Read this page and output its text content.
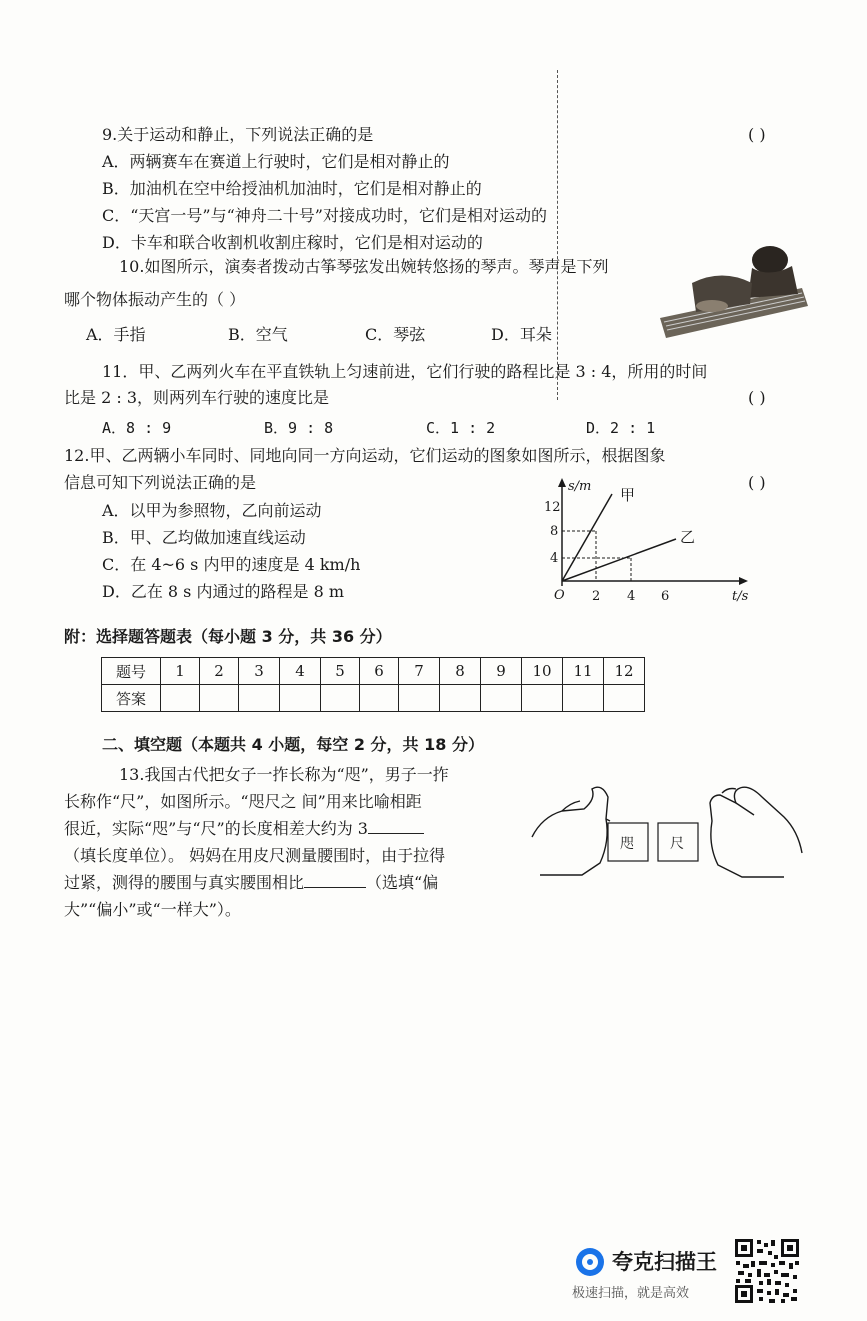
9.关于运动和静止，下列说法正确的是	( )
A．两辆赛车在赛道上行驶时，它们是相对静止的
B．加油机在空中给授油机加油时，它们是相对静止的
C．“天宫一号”与“神舟二十号”对接成功时，它们是相对运动的
D．卡车和联合收割机收割庄稼时，它们是相对运动的
10.如图所示，演奏者拨动古筝琴弦发出婉转悠扬的琴声。琴声是下列
哪个物体振动产生的（ ）
A．手指	B．空气	C．琴弦	D．耳朵
11．甲、乙两列火车在平直铁轨上匀速前进，它们行驶的路程比是 3 : 4，所用的时间
比是 2 : 3，则两列车行驶的速度比是	( )
A．8 : 9	B．9 : 8	C．1 : 2	D．2 : 1
12.甲、乙两辆小车同时、同地向同一方向运动，它们运动的图象如图所示，根据图象
信息可知下列说法正确的是	( )
A．以甲为参照物，乙向前运动
B．甲、乙均做加速直线运动
C．在 4~6 s 内甲的速度是 4 km/h
D．乙在 8 s 内通过的路程是 8 m
s/m
t/s
O
12
8
4
2 4 6
甲
乙
附：选择题答题表（每小题 3 分，共 36 分）
题号	1	2	3	4	5	6	7	8	9	10	11	12
答案												
二、填空题（本题共 4 小题，每空 2 分，共 18 分）
13.我国古代把女子一拃长称为“咫”，男子一拃
长称作“尺”，如图所示。“咫尺之 间”用来比喻相距
很近，实际“咫”与“尺”的长度相差大约为 3
（填长度单位）。 妈妈在用皮尺测量腰围时，由于拉得
过紧，测得的腰围与真实腰围相比	（选填“偏
大”“偏小”或“一样大”）。
咫	尺
夸克扫描王
极速扫描，就是高效
